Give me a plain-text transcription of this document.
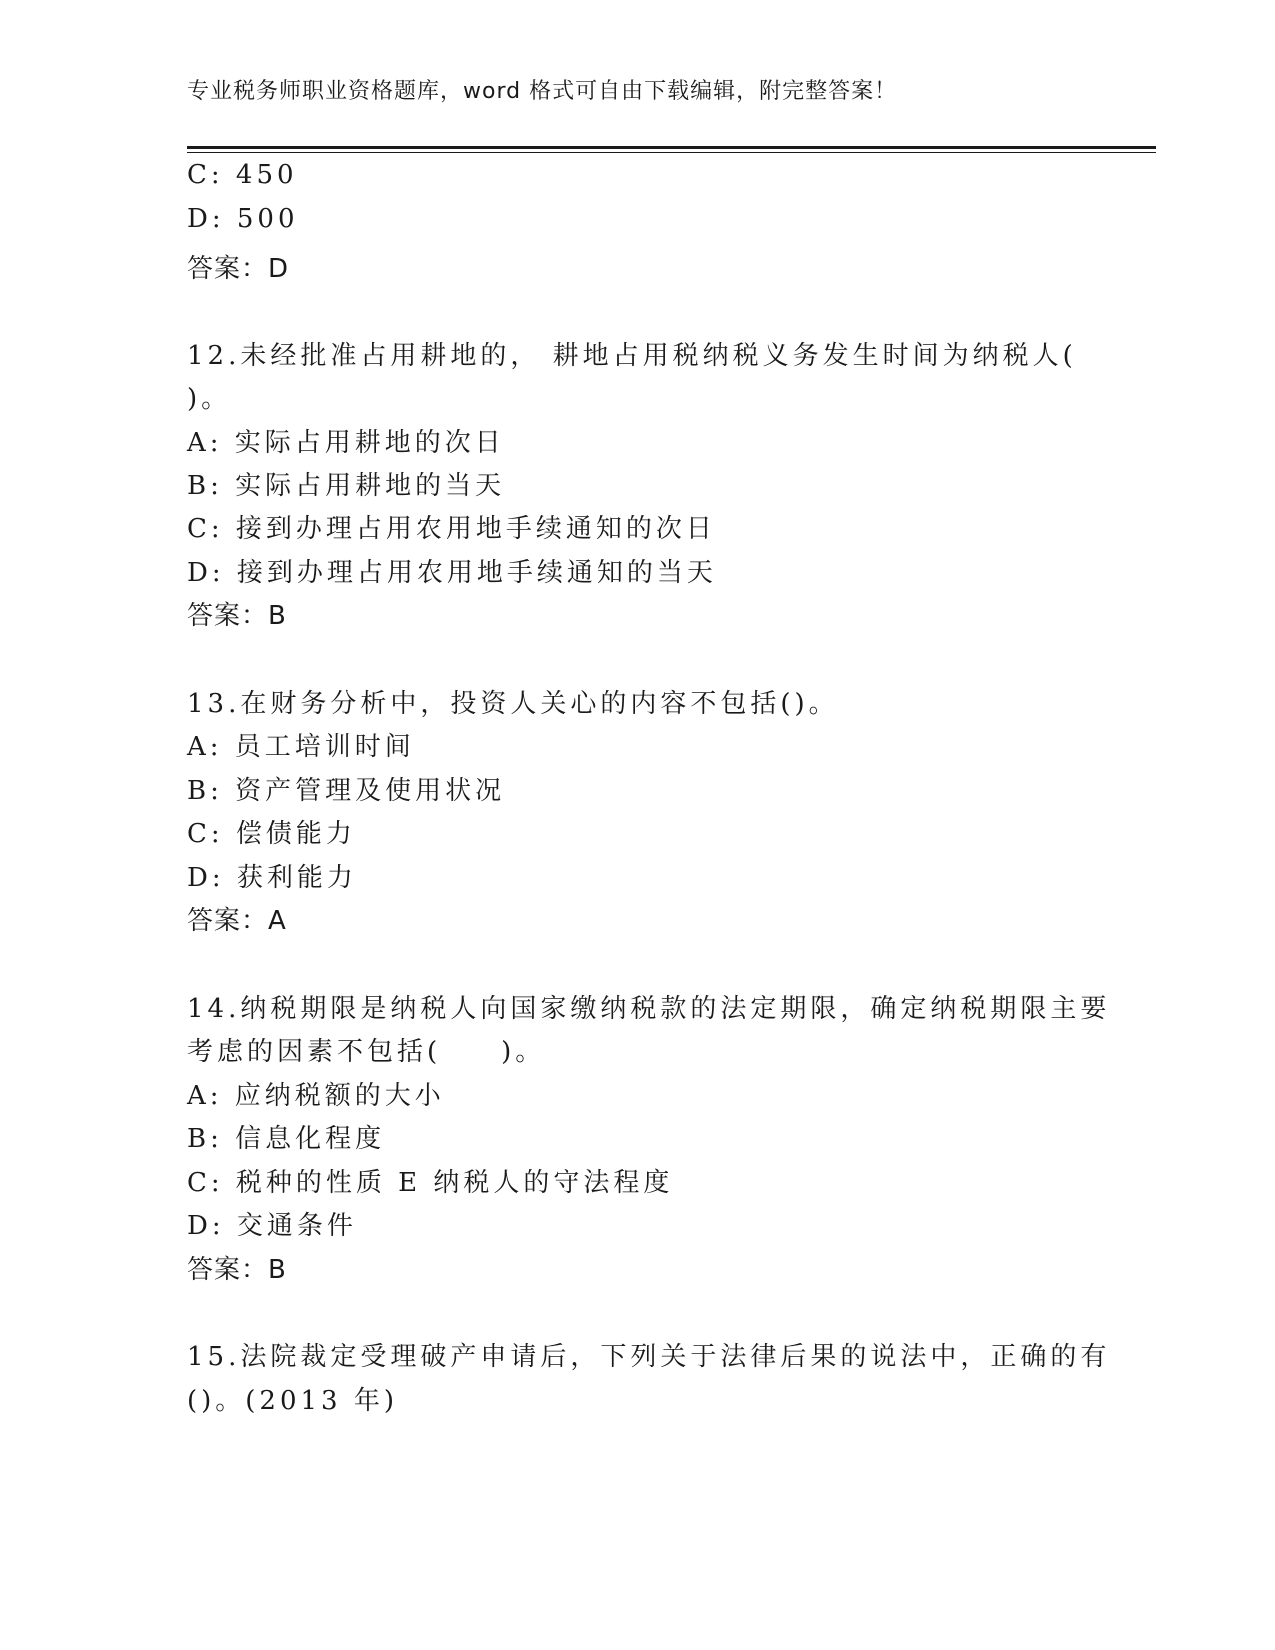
专业税务师职业资格题库，word 格式可自由下载编辑，附完整答案！
C: 450
D: 500
答案：D
12.未经批准占用耕地的， 耕地占用税纳税义务发生时间为纳税人(
)。
A: 实际占用耕地的次日
B: 实际占用耕地的当天
C: 接到办理占用农用地手续通知的次日
D: 接到办理占用农用地手续通知的当天
答案：B
13.在财务分析中，投资人关心的内容不包括()。
A: 员工培训时间
B: 资产管理及使用状况
C: 偿债能力
D: 获利能力
答案：A
14.纳税期限是纳税人向国家缴纳税款的法定期限，确定纳税期限主要
考虑的因素不包括(　　)。
A: 应纳税额的大小
B: 信息化程度
C: 税种的性质 E 纳税人的守法程度
D: 交通条件
答案：B
15.法院裁定受理破产申请后，下列关于法律后果的说法中，正确的有
()。(2013 年)
